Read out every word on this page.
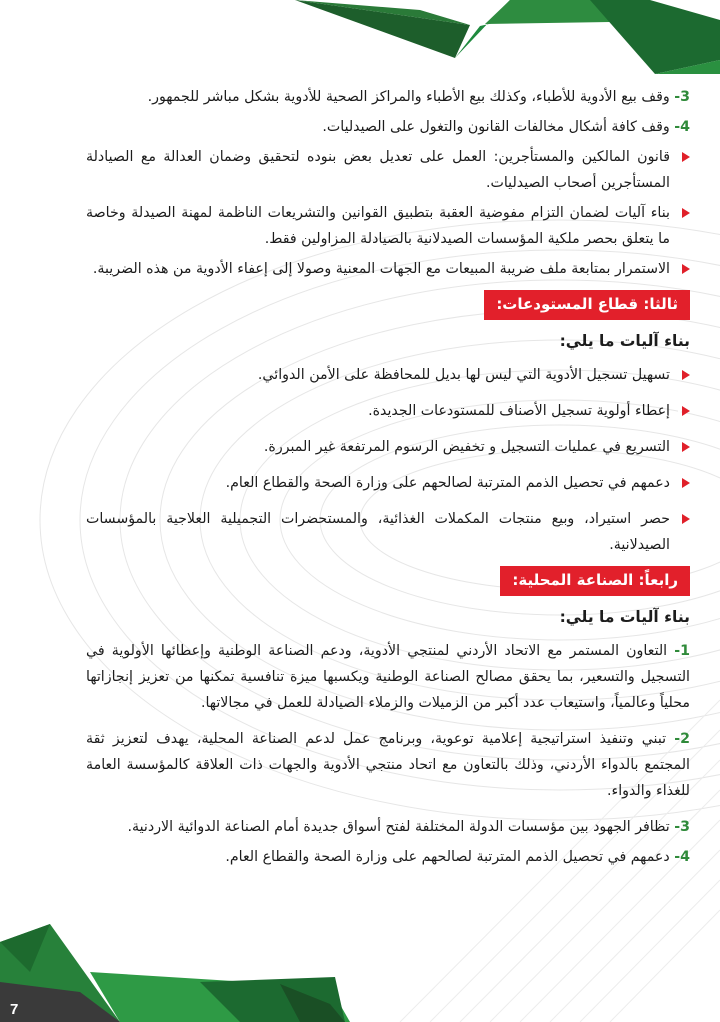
3- وقف بيع الأدوية للأطباء، وكذلك بيع الأطباء والمراكز الصحية للأدوية بشكل مباشر للجمهور.
4- وقف كافة أشكال مخالفات القانون والتغول على الصيدليات.
قانون المالكين والمستأجرين: العمل على تعديل بعض بنوده لتحقيق وضمان العدالة مع الصيادلة المستأجرين أصحاب الصيدليات.
بناء آليات لضمان التزام مفوضية العقبة بتطبيق القوانين والتشريعات الناظمة لمهنة الصيدلة وخاصة ما يتعلق بحصر ملكية المؤسسات الصيدلانية بالصيادلة المزاولين فقط.
الاستمرار بمتابعة ملف ضريبة المبيعات مع الجهات المعنية وصولا إلى إعفاء الأدوية من هذه الضريبة.
ثالثا: قطاع المستودعات:
بناء آليات ما يلي:
تسهيل تسجيل الأدوية التي ليس لها بديل للمحافظة على الأمن الدوائي.
إعطاء أولوية تسجيل الأصناف للمستودعات الجديدة.
التسريع في عمليات التسجيل و تخفيض الرسوم المرتفعة غير المبررة.
دعمهم في تحصيل الذمم المترتبة لصالحهم على وزارة الصحة والقطاع العام.
حصر استيراد، وبيع منتجات المكملات الغذائية، والمستحضرات التجميلية العلاجية بالمؤسسات الصيدلانية.
رابعاً: الصناعة المحلية:
بناء آليات ما يلي:
1- التعاون المستمر مع الاتحاد الأردني لمنتجي الأدوية، ودعم الصناعة الوطنية وإعطائها الأولوية في التسجيل والتسعير، بما يحقق مصالح الصناعة الوطنية ويكسبها ميزة تنافسية تمكنها من تعزيز إنجازاتها محلياً وعالمياً، واستيعاب عدد أكبر من الزميلات والزملاء الصيادلة للعمل في مجالاتها.
2- تبني وتنفيذ استراتيجية إعلامية توعوية، وبرنامج عمل لدعم الصناعة المحلية، يهدف لتعزيز ثقة المجتمع بالدواء الأردني، وذلك بالتعاون مع اتحاد منتجي الأدوية والجهات ذات العلاقة كالمؤسسة العامة للغذاء والدواء.
3- تظافر الجهود بين مؤسسات الدولة المختلفة لفتح أسواق جديدة أمام الصناعة الدوائية الاردنية.
4- دعمهم في تحصيل الذمم المترتبة لصالحهم على وزارة الصحة والقطاع العام.
7
